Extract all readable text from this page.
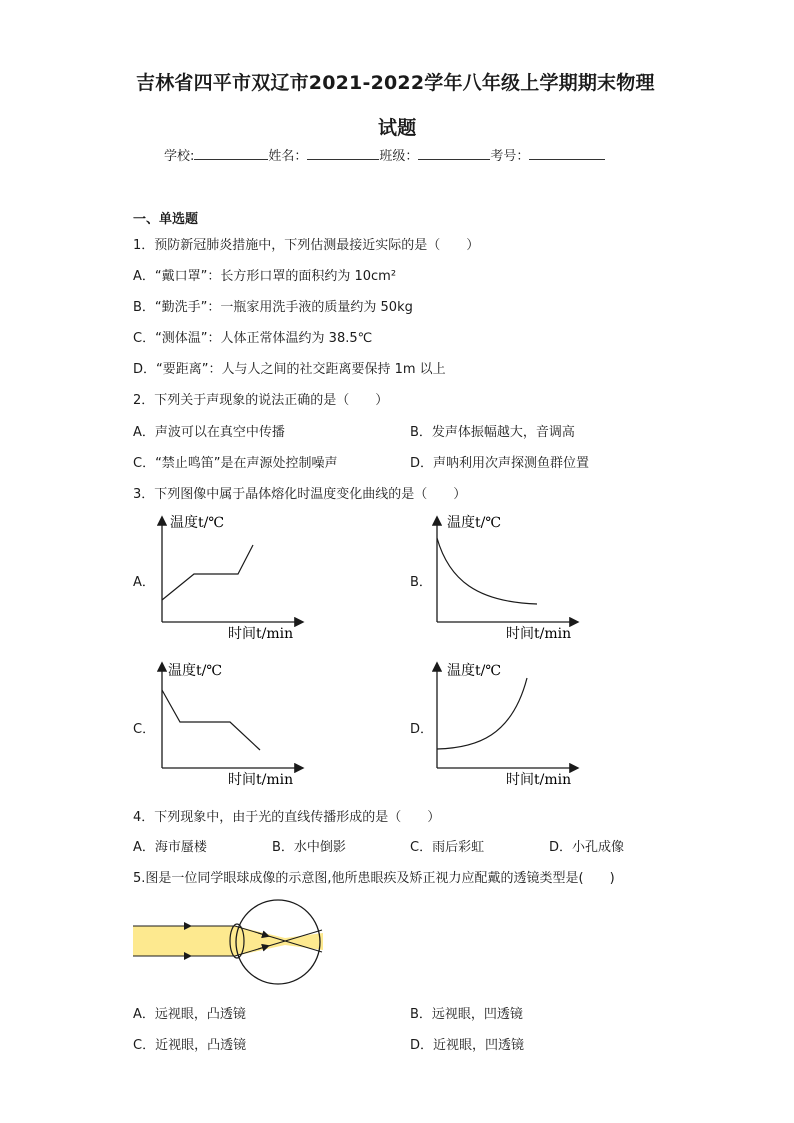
吉林省四平市双辽市2021-2022学年八年级上学期期末物理
试题
学校:	姓名：	班级：	考号：
一、单选题
1．预防新冠肺炎措施中，下列估测最接近实际的是（　　）
A．“戴口罩”：长方形口罩的面积约为 10cm²
B．“勤洗手”：一瓶家用洗手液的质量约为 50kg
C．“测体温”：人体正常体温约为 38.5℃
D．“要距离”：人与人之间的社交距离要保持 1m 以上
2．下列关于声现象的说法正确的是（　　）
A．声波可以在真空中传播	B．发声体振幅越大，音调高
C．“禁止鸣笛”是在声源处控制噪声	D．声呐利用次声探测鱼群位置
3．下列图像中属于晶体熔化时温度变化曲线的是（　　）
A．
温度t/℃
时间t/min
B．
温度t/℃
时间t/min
C．
温度t/℃
时间t/min
D．
温度t/℃
时间t/min
4．下列现象中，由于光的直线传播形成的是（　　）
A．海市蜃楼	B．水中倒影	C．雨后彩虹	D．小孔成像
5.图是一位同学眼球成像的示意图,他所患眼疾及矫正视力应配戴的透镜类型是(　　)
A．远视眼，凸透镜	B．远视眼，凹透镜
C．近视眼，凸透镜	D．近视眼，凹透镜
